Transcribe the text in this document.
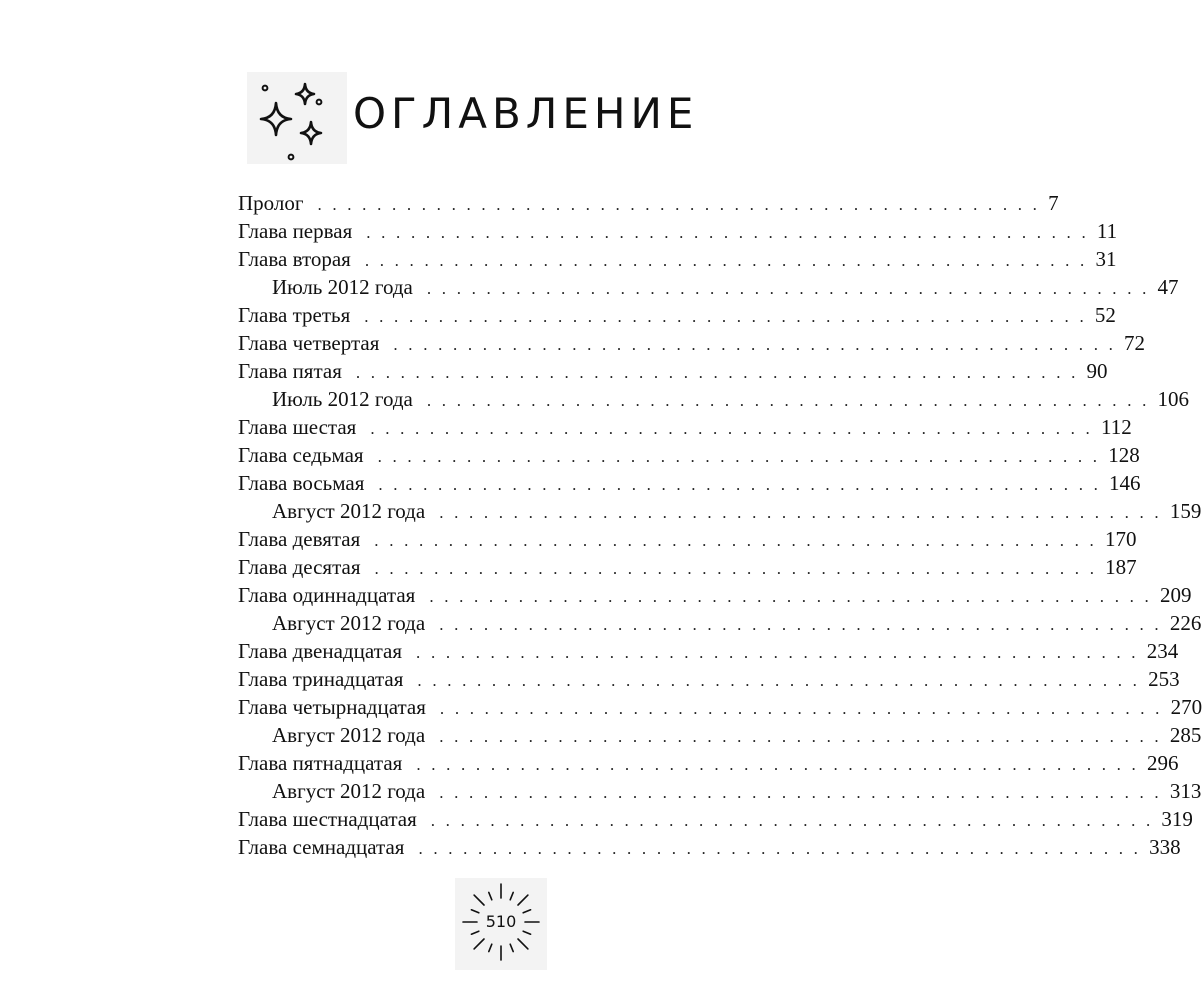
ОГЛАВЛЕНИЕ
Пролог . . . . . . . . . . . . . . . . . . . . . . . . . . . . . . . . . . . . . . . . . . . . . . . . . 7
Глава первая . . . . . . . . . . . . . . . . . . . . . . . . . . . . . . . . . . . . . . . . . . . . . . . . . 11
Глава вторая . . . . . . . . . . . . . . . . . . . . . . . . . . . . . . . . . . . . . . . . . . . . . . . . . 31
Июль 2012 года . . . . . . . . . . . . . . . . . . . . . . . . . . . . . . . . . . . . . . . . . . . . . . . . . 47
Глава третья . . . . . . . . . . . . . . . . . . . . . . . . . . . . . . . . . . . . . . . . . . . . . . . . . 52
Глава четвертая . . . . . . . . . . . . . . . . . . . . . . . . . . . . . . . . . . . . . . . . . . . . . . . . . 72
Глава пятая . . . . . . . . . . . . . . . . . . . . . . . . . . . . . . . . . . . . . . . . . . . . . . . . . 90
Июль 2012 года . . . . . . . . . . . . . . . . . . . . . . . . . . . . . . . . . . . . . . . . . . . . . . . . . 106
Глава шестая . . . . . . . . . . . . . . . . . . . . . . . . . . . . . . . . . . . . . . . . . . . . . . . . . 112
Глава седьмая . . . . . . . . . . . . . . . . . . . . . . . . . . . . . . . . . . . . . . . . . . . . . . . . . 128
Глава восьмая . . . . . . . . . . . . . . . . . . . . . . . . . . . . . . . . . . . . . . . . . . . . . . . . . 146
Август 2012 года . . . . . . . . . . . . . . . . . . . . . . . . . . . . . . . . . . . . . . . . . . . . . . . . . 159
Глава девятая . . . . . . . . . . . . . . . . . . . . . . . . . . . . . . . . . . . . . . . . . . . . . . . . . 170
Глава десятая . . . . . . . . . . . . . . . . . . . . . . . . . . . . . . . . . . . . . . . . . . . . . . . . . 187
Глава одиннадцатая . . . . . . . . . . . . . . . . . . . . . . . . . . . . . . . . . . . . . . . . . . . . . . . . . 209
Август 2012 года . . . . . . . . . . . . . . . . . . . . . . . . . . . . . . . . . . . . . . . . . . . . . . . . . 226
Глава двенадцатая . . . . . . . . . . . . . . . . . . . . . . . . . . . . . . . . . . . . . . . . . . . . . . . . . 234
Глава тринадцатая . . . . . . . . . . . . . . . . . . . . . . . . . . . . . . . . . . . . . . . . . . . . . . . . . 253
Глава четырнадцатая . . . . . . . . . . . . . . . . . . . . . . . . . . . . . . . . . . . . . . . . . . . . . . . . . 270
Август 2012 года . . . . . . . . . . . . . . . . . . . . . . . . . . . . . . . . . . . . . . . . . . . . . . . . . 285
Глава пятнадцатая . . . . . . . . . . . . . . . . . . . . . . . . . . . . . . . . . . . . . . . . . . . . . . . . . 296
Август 2012 года . . . . . . . . . . . . . . . . . . . . . . . . . . . . . . . . . . . . . . . . . . . . . . . . . 313
Глава шестнадцатая . . . . . . . . . . . . . . . . . . . . . . . . . . . . . . . . . . . . . . . . . . . . . . . . . 319
Глава семнадцатая . . . . . . . . . . . . . . . . . . . . . . . . . . . . . . . . . . . . . . . . . . . . . . . . . 338
510
